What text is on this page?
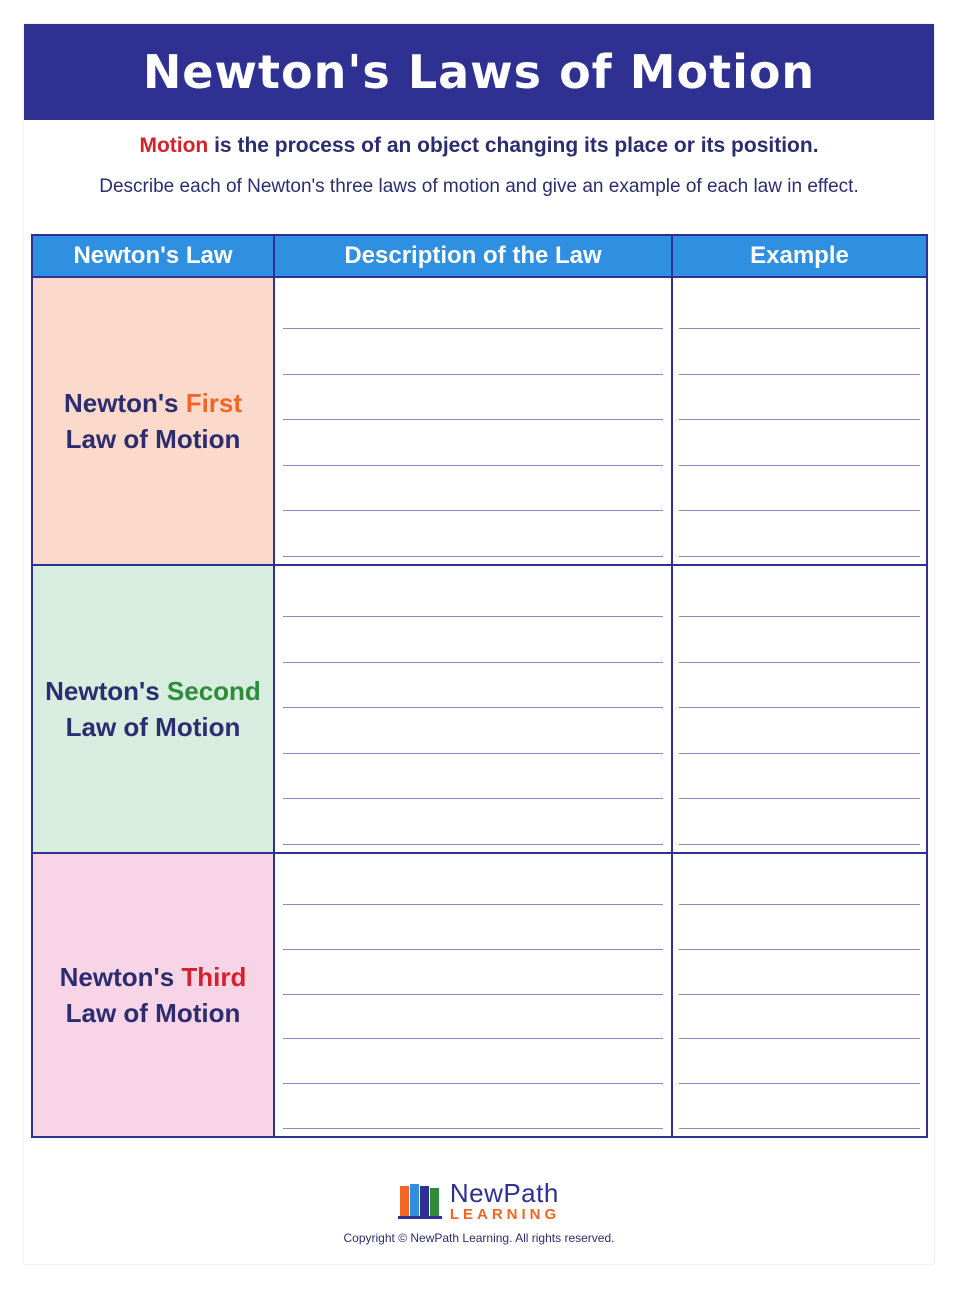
Newton's Laws of Motion
Motion is the process of an object changing its place or its position.
Describe each of Newton's three laws of motion and give an example of each law in effect.
Newton's Law	Description of the Law	Example
Newton's First Law of Motion
Newton's Second Law of Motion
Newton's Third Law of Motion
NewPath
LEARNING
Copyright © NewPath Learning. All rights reserved.
